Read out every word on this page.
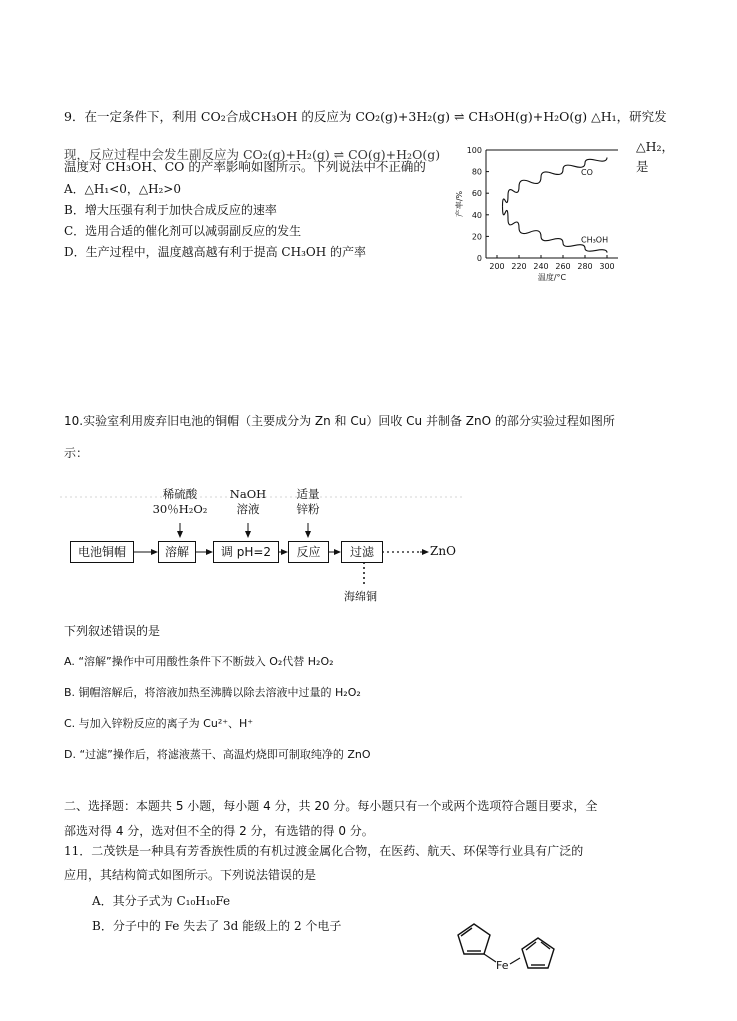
9．在一定条件下，利用 CO₂合成CH₃OH 的反应为 CO₂(g)+3H₂(g) ⇌ CH₃OH(g)+H₂O(g) △H₁，研究发
现，反应过程中会发生副反应为 CO₂(g)+H₂(g) ⇌ CO(g)+H₂O(g)
△H₂，
温度对 CH₃OH、CO 的产率影响如图所示。下列说法中不正确的	是
A．△H₁<0，△H₂>0
B．增大压强有利于加快合成反应的速率
C．选用合适的催化剂可以减弱副反应的发生
D．生产过程中，温度越高越有利于提高 CH₃OH 的产率
200 220 240 260 280 300
0
20
40
60
80
100
温度/°C
产率/%
CO
CH₃OH
10.实验室利用废弃旧电池的铜帽（主要成分为 Zn 和 Cu）回收 Cu 并制备 ZnO 的部分实验过程如图所
示：
稀硫酸
30％H₂O₂
NaOH
溶液
适量
锌粉
电池铜帽	溶解	调 pH=2	反应	过滤	ZnO
海绵铜
下列叙述错误的是
A. “溶解”操作中可用酸性条件下不断鼓入 O₂代替 H₂O₂
B. 铜帽溶解后，将溶液加热至沸腾以除去溶液中过量的 H₂O₂
C. 与加入锌粉反应的离子为 Cu²⁺、H⁺
D. “过滤”操作后，将滤液蒸干、高温灼烧即可制取纯净的 ZnO
二、选择题：本题共 5 小题，每小题 4 分，共 20 分。每小题只有一个或两个选项符合题目要求，全
部选对得 4 分，选对但不全的得 2 分，有选错的得 0 分。
11．二茂铁是一种具有芳香族性质的有机过渡金属化合物，在医药、航天、环保等行业具有广泛的
应用，其结构简式如图所示。下列说法错误的是
A．其分子式为 C₁₀H₁₀Fe
B．分子中的 Fe 失去了 3d 能级上的 2 个电子
Fe
